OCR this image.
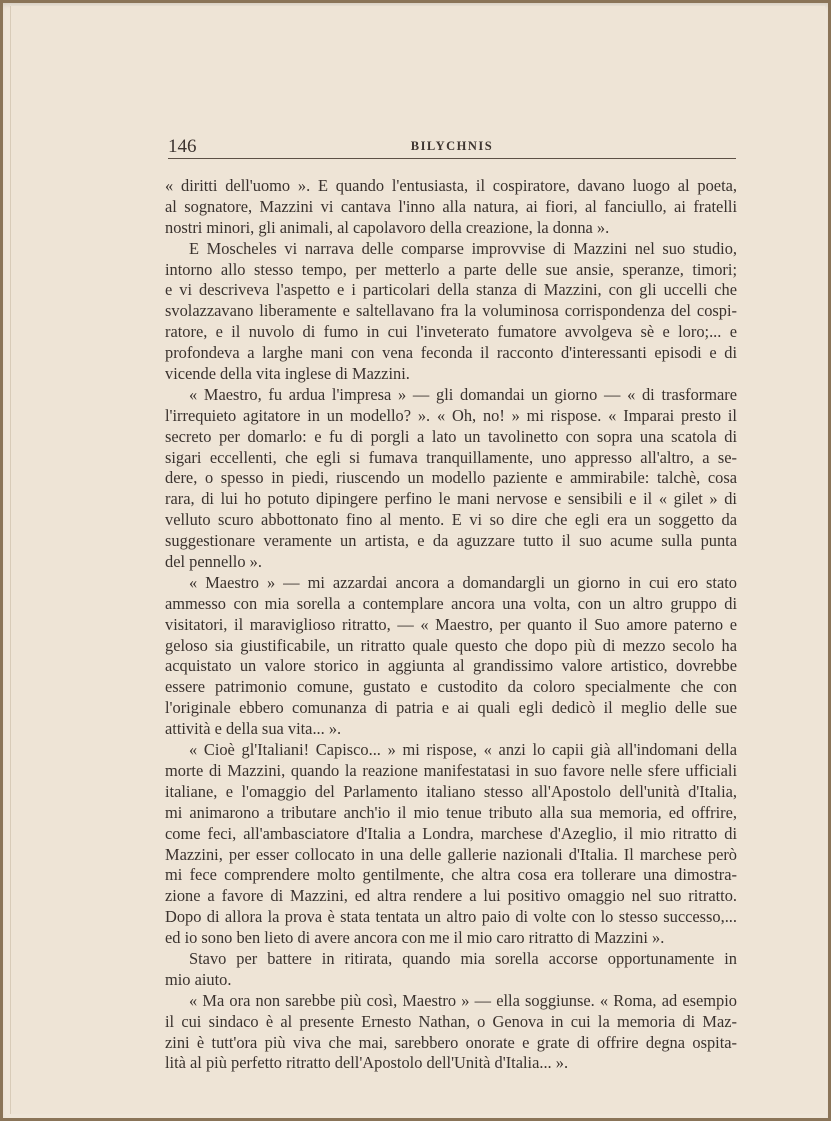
146	BILYCHNIS
« diritti dell'uomo ». E quando l'entusiasta, il cospiratore, davano luogo al poeta,
al sognatore, Mazzini vi cantava l'inno alla natura, ai fiori, al fanciullo, ai fratelli
nostri minori, gli animali, al capolavoro della creazione, la donna ».
E Moscheles vi narrava delle comparse improvvise di Mazzini nel suo studio,
intorno allo stesso tempo, per metterlo a parte delle sue ansie, speranze, timori;
e vi descriveva l'aspetto e i particolari della stanza di Mazzini, con gli uccelli che
svolazzavano liberamente e saltellavano fra la voluminosa corrispondenza del cospi-
ratore, e il nuvolo di fumo in cui l'inveterato fumatore avvolgeva sè e loro;... e
profondeva a larghe mani con vena feconda il racconto d'interessanti episodi e di
vicende della vita inglese di Mazzini.
« Maestro, fu ardua l'impresa » — gli domandai un giorno — « di trasformare
l'irrequieto agitatore in un modello? ». « Oh, no! » mi rispose. « Imparai presto il
secreto per domarlo: e fu di porgli a lato un tavolinetto con sopra una scatola di
sigari eccellenti, che egli si fumava tranquillamente, uno appresso all'altro, a se-
dere, o spesso in piedi, riuscendo un modello paziente e ammirabile: talchè, cosa
rara, di lui ho potuto dipingere perfino le mani nervose e sensibili e il « gilet » di
velluto scuro abbottonato fino al mento. E vi so dire che egli era un soggetto da
suggestionare veramente un artista, e da aguzzare tutto il suo acume sulla punta
del pennello ».
« Maestro » — mi azzardai ancora a domandargli un giorno in cui ero stato
ammesso con mia sorella a contemplare ancora una volta, con un altro gruppo di
visitatori, il maraviglioso ritratto, — « Maestro, per quanto il Suo amore paterno e
geloso sia giustificabile, un ritratto quale questo che dopo più di mezzo secolo ha
acquistato un valore storico in aggiunta al grandissimo valore artistico, dovrebbe
essere patrimonio comune, gustato e custodito da coloro specialmente che con
l'originale ebbero comunanza di patria e ai quali egli dedicò il meglio delle sue
attività e della sua vita... ».
« Cioè gl'Italiani! Capisco... » mi rispose, « anzi lo capii già all'indomani della
morte di Mazzini, quando la reazione manifestatasi in suo favore nelle sfere ufficiali
italiane, e l'omaggio del Parlamento italiano stesso all'Apostolo dell'unità d'Italia,
mi animarono a tributare anch'io il mio tenue tributo alla sua memoria, ed offrire,
come feci, all'ambasciatore d'Italia a Londra, marchese d'Azeglio, il mio ritratto di
Mazzini, per esser collocato in una delle gallerie nazionali d'Italia. Il marchese però
mi fece comprendere molto gentilmente, che altra cosa era tollerare una dimostra-
zione a favore di Mazzini, ed altra rendere a lui positivo omaggio nel suo ritratto.
Dopo di allora la prova è stata tentata un altro paio di volte con lo stesso successo,...
ed io sono ben lieto di avere ancora con me il mio caro ritratto di Mazzini ».
Stavo per battere in ritirata, quando mia sorella accorse opportunamente in
mio aiuto.
« Ma ora non sarebbe più così, Maestro » — ella soggiunse. « Roma, ad esempio
il cui sindaco è al presente Ernesto Nathan, o Genova in cui la memoria di Maz-
zini è tutt'ora più viva che mai, sarebbero onorate e grate di offrire degna ospita-
lità al più perfetto ritratto dell'Apostolo dell'Unità d'Italia... ».
